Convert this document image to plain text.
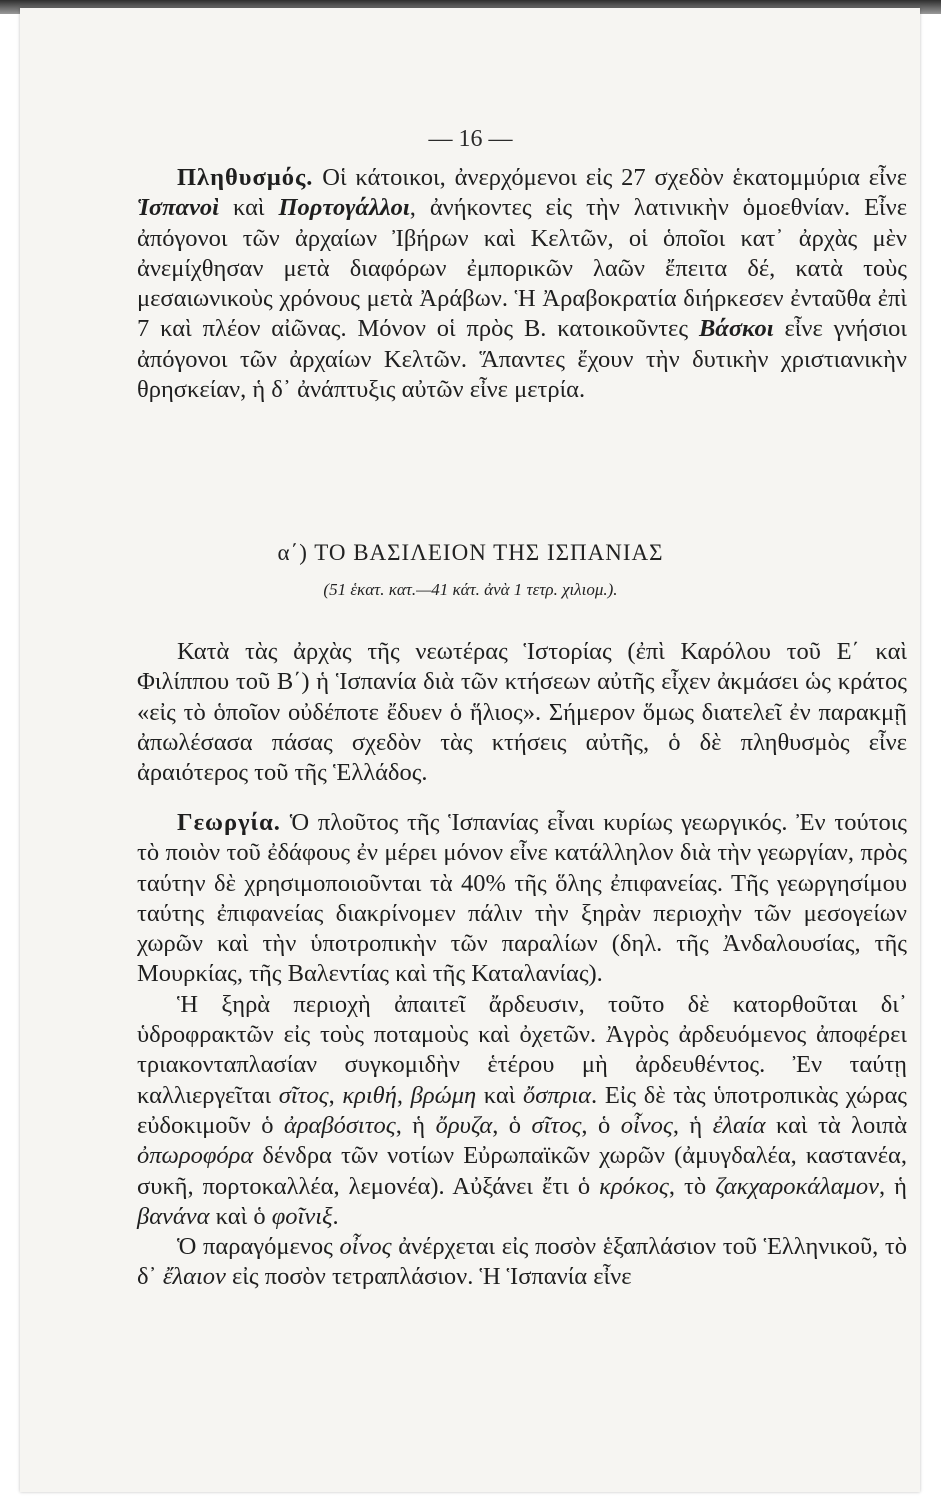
— 16 —

Πληθυσμός. Οἱ κάτοικοι, ἀνερχόμενοι εἰς 27 σχεδὸν ἑκατομμύρια εἶνε Ἱσπανοὶ καὶ Πορτογάλλοι, ἀνήκοντες εἰς τὴν λατινικὴν ὁμοεθνίαν. Εἶνε ἀπόγονοι τῶν ἀρχαίων Ἰβήρων καὶ Κελτῶν, οἱ ὁποῖοι κατ᾽ ἀρχὰς μὲν ἀνεμίχθησαν μετὰ διαφόρων ἐμπορικῶν λαῶν ἔπειτα δέ, κατὰ τοὺς μεσαιωνικοὺς χρόνους μετὰ Ἀράβων. Ἡ Ἀραβοκρατία διήρκεσεν ἐνταῦθα ἐπὶ 7 καὶ πλέον αἰῶνας. Μόνον οἱ πρὸς Β. κατοικοῦντες Βάσκοι εἶνε γνήσιοι ἀπόγονοι τῶν ἀρχαίων Κελτῶν. Ἅπαντες ἔχουν τὴν δυτικὴν χριστιανικὴν θρησκείαν, ἡ δ᾽ ἀνάπτυξις αὐτῶν εἶνε μετρία.

α΄) ΤΟ ΒΑΣΙΛΕΙΟΝ ΤΗΣ ΙΣΠΑΝΙΑΣ
(51 ἑκατ. κατ.—41 κάτ. ἀνὰ 1 τετρ. χιλιομ.).

Κατὰ τὰς ἀρχὰς τῆς νεωτέρας Ἱστορίας (ἐπὶ Καρόλου τοῦ Ε΄ καὶ Φιλίππου τοῦ Β΄) ἡ Ἱσπανία διὰ τῶν κτήσεων αὐτῆς εἶχεν ἀκμάσει ὡς κράτος «εἰς τὸ ὁποῖον οὐδέποτε ἔδυεν ὁ ἥλιος». Σήμερον ὅμως διατελεῖ ἐν παρακμῇ ἀπωλέσασα πάσας σχεδὸν τὰς κτήσεις αὐτῆς, ὁ δὲ πληθυσμὸς εἶνε ἀραιότερος τοῦ τῆς Ἑλλάδος.

Γεωργία. Ὁ πλοῦτος τῆς Ἱσπανίας εἶναι κυρίως γεωργικός. Ἐν τούτοις τὸ ποιὸν τοῦ ἐδάφους ἐν μέρει μόνον εἶνε κατάλληλον διὰ τὴν γεωργίαν, πρὸς ταύτην δὲ χρησιμοποιοῦνται τὰ 40% τῆς ὅλης ἐπιφανείας. Τῆς γεωργησίμου ταύτης ἐπιφανείας διακρίνομεν πάλιν τὴν ξηρὰν περιοχὴν τῶν μεσογείων χωρῶν καὶ τὴν ὑποτροπικὴν τῶν παραλίων (δηλ. τῆς Ἀνδαλουσίας, τῆς Μουρκίας, τῆς Βαλεντίας καὶ τῆς Καταλανίας).

Ἡ ξηρὰ περιοχὴ ἀπαιτεῖ ἄρδευσιν, τοῦτο δὲ κατορθοῦται δι᾽ ὑδροφρακτῶν εἰς τοὺς ποταμοὺς καὶ ὀχετῶν. Ἀγρὸς ἀρδευόμενος ἀποφέρει τριακονταπλασίαν συγκομιδὴν ἑτέρου μὴ ἀρδευθέντος. Ἐν ταύτῃ καλλιεργεῖται σῖτος, κριθή, βρώμη καὶ ὄσπρια. Εἰς δὲ τὰς ὑποτροπικὰς χώρας εὐδοκιμοῦν ὁ ἀραβόσιτος, ἡ ὄρυζα, ὁ σῖτος, ὁ οἶνος, ἡ ἐλαία καὶ τὰ λοιπὰ ὀπωροφόρα δένδρα τῶν νοτίων Εὐρωπαϊκῶν χωρῶν (ἀμυγδαλέα, καστανέα, συκῆ, πορτοκαλλέα, λεμονέα). Αὐξάνει ἔτι ὁ κρόκος, τὸ ζακχαροκάλαμον, ἡ βανάνα καὶ ὁ φοῖνιξ.

Ὁ παραγόμενος οἶνος ἀνέρχεται εἰς ποσὸν ἑξαπλάσιον τοῦ Ἑλληνικοῦ, τὸ δ᾽ ἔλαιον εἰς ποσὸν τετραπλάσιον. Ἡ Ἱσπανία εἶνε
